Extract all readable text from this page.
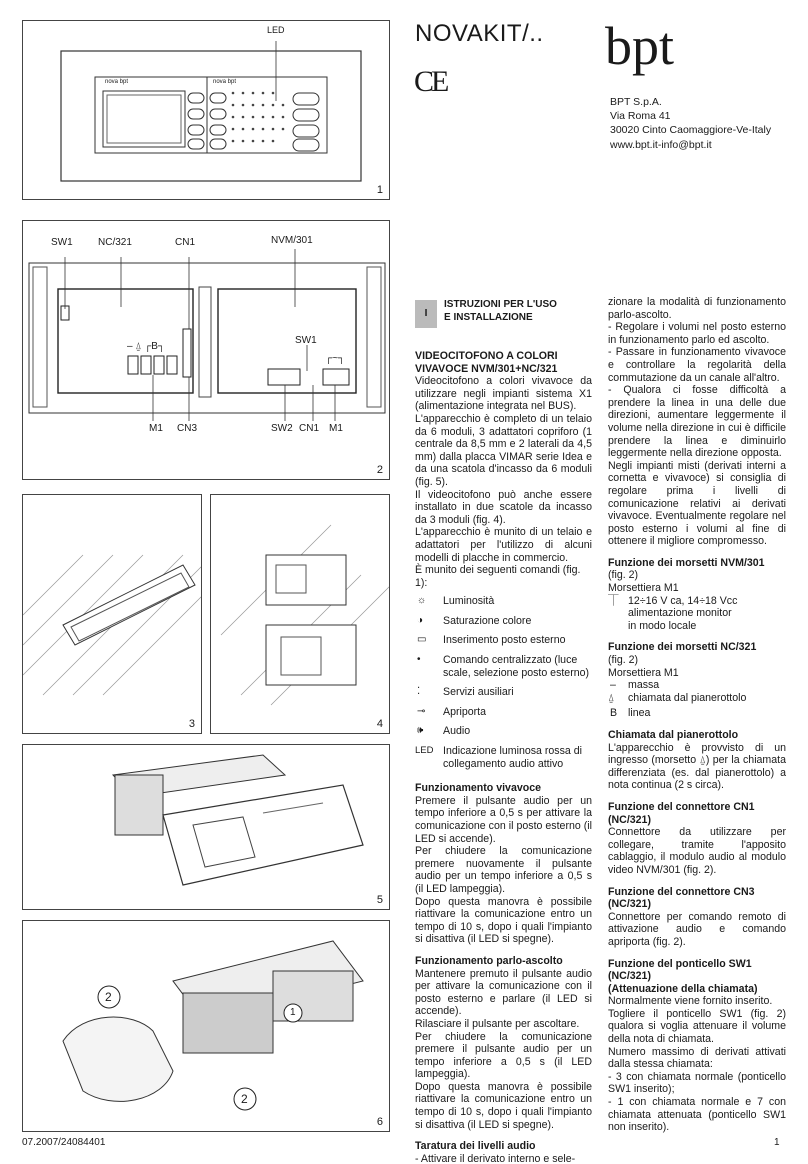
NOVAKIT/..
CE
bpt
BPT S.p.A.
Via Roma 41
30020 Cinto Caomaggiore-Ve-Italy
www.bpt.it-info@bpt.it
LED
nova bpt	nova bpt
1
SW1	NC/321	CN1	NVM/301
SW1
– ⍙ ┌B┐
┌~┐
M1 CN3	SW2 CN1 M1
2
3	4
5
2
1
2
6
I
ISTRUZIONI PER L'USO
E INSTALLAZIONE

VIDEOCITOFONO A COLORI VIVAVOCE NVM/301+NC/321

Videocitofono a colori vivavoce da utilizzare negli impianti sistema X1 (alimentazione integrata nel BUS).

L'apparecchio è completo di un telaio da 6 moduli, 3 adattatori copriforo (1 centrale da 8,5 mm e 2 laterali da 4,5 mm) dalla placca VIMAR serie Idea e da una scatola d'incasso da 6 moduli (fig. 5).

Il videocitofono può anche essere installato in due scatole da incasso da 3 moduli (fig. 4).

L'apparecchio è munito di un telaio e adattatori per l'utilizzo di alcuni modelli di placche in commercio.

È munito dei seguenti comandi (fig. 1):

☼ Luminosità
◑ Saturazione colore
▭ Inserimento posto esterno
• Comando centralizzato (luce scale, selezione posto esterno)
⁚ Servizi ausiliari
⊸ Apriporta
🕪 Audio
LED Indicazione luminosa rossa di collegamento audio attivo

Funzionamento vivavoce

Premere il pulsante audio per un tempo inferiore a 0,5 s per attivare la comunicazione con il posto esterno (il LED si accende).

Per chiudere la comunicazione premere nuovamente il pulsante audio per un tempo inferiore a 0,5 s (il LED lampeggia).

Dopo questa manovra è possibile riattivare la comunicazione entro un tempo di 10 s, dopo i quali l'impianto si disattiva (il LED si spegne).

Funzionamento parlo-ascolto

Mantenere premuto il pulsante audio per attivare la comunicazione con il posto esterno e parlare (il LED si accende).

Rilasciare il pulsante per ascoltare.

Per chiudere la comunicazione premere il pulsante audio per un tempo inferiore a 0,5 s (il LED lampeggia).

Dopo questa manovra è possibile riattivare la comunicazione entro un tempo di 10 s, dopo i quali l'impianto si disattiva (il LED si spegne).

Taratura dei livelli audio

- Attivare il derivato interno e sele-

zionare la modalità di funzionamento parlo-ascolto.

- Regolare i volumi nel posto esterno in funzionamento parlo ed ascolto.

- Passare in funzionamento vivavoce e controllare la regolarità della commutazione da un canale all'altro.

- Qualora ci fosse difficoltà a prendere la linea in una delle due direzioni, aumentare leggermente il volume nella direzione in cui è difficile prendere la linea e diminuirlo leggermente nella direzione opposta.

Negli impianti misti (derivati interni a cornetta e vivavoce) si consiglia di regolare prima i livelli di comunicazione relativi ai derivati vivavoce. Eventualmente regolare nel posto esterno i volumi al fine di ottenere il migliore compromesso.

Funzione dei morsetti NVM/301

(fig. 2)

Morsettiera M1

⏉ 12÷16 V ca, 14÷18 Vcc

alimentazione monitor

in modo locale

Funzione dei morsetti NC/321

(fig. 2)

Morsettiera M1

– massa

⍙ chiamata dal pianerottolo

B linea

Chiamata dal pianerottolo

L'apparecchio è provvisto di un ingresso (morsetto ⍙) per la chiamata differenziata (es. dal pianerottolo) a nota continua (2 s circa).

Funzione del connettore CN1 (NC/321)

Connettore da utilizzare per collegare, tramite l'apposito cablaggio, il modulo audio al modulo video NVM/301 (fig. 2).

Funzione del connettore CN3 (NC/321)

Connettore per comando remoto di attivazione audio e comando apriporta (fig. 2).

Funzione del ponticello SW1 (NC/321)

(Attenuazione della chiamata)

Normalmente viene fornito inserito.

Togliere il ponticello SW1 (fig. 2) qualora si voglia attenuare il volume della nota di chiamata.

Numero massimo di derivati attivati dalla stessa chiamata:

- 3 con chiamata normale (ponticello SW1 inserito);

- 1 con chiamata normale e 7 con chiamata attenuata (ponticello SW1 non inserito).

07.2007/24084401	1
